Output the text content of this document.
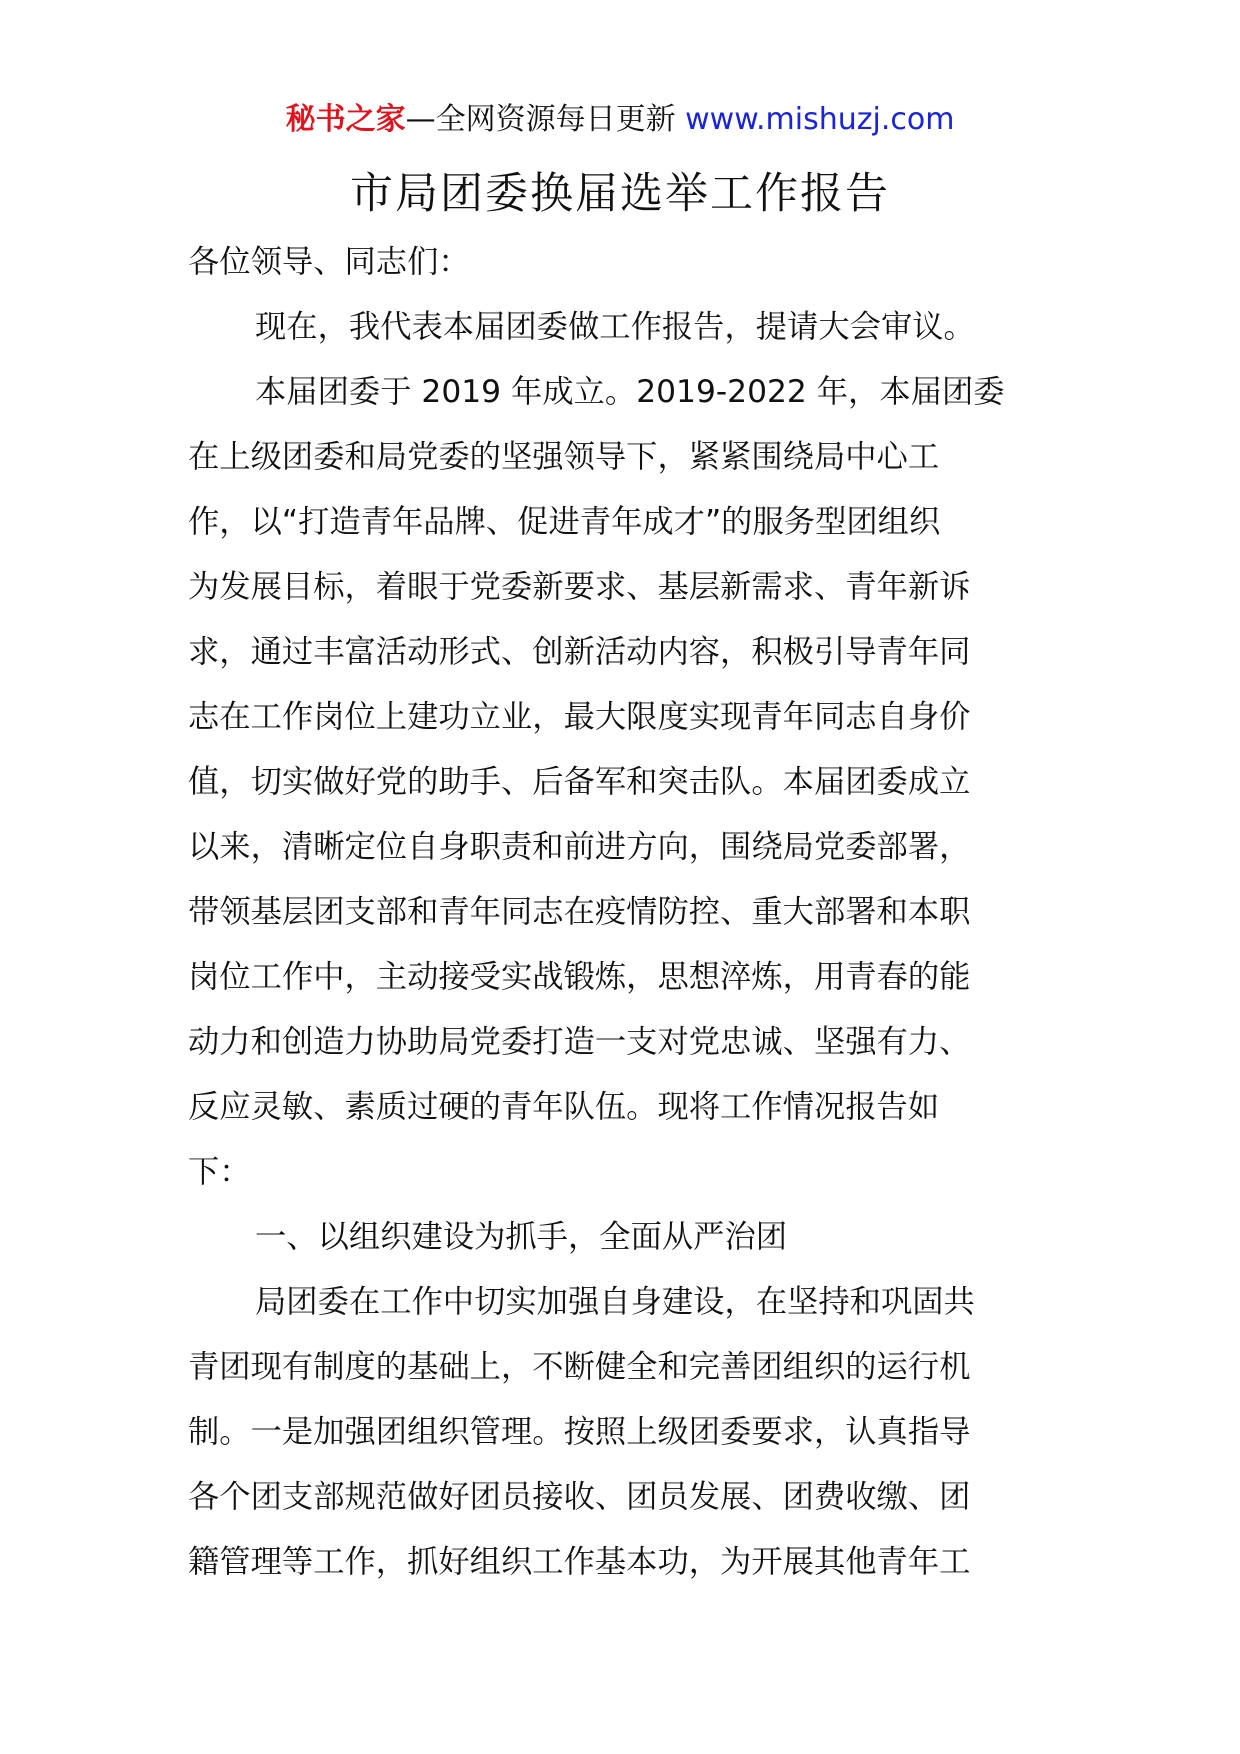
秘书之家—全网资源每日更新 www.mishuzj.com
市局团委换届选举工作报告
各位领导、同志们：
现在，我代表本届团委做工作报告，提请大会审议。
本届团委于 2019 年成立。2019-2022 年，本届团委
在上级团委和局党委的坚强领导下，紧紧围绕局中心工
作，以“打造青年品牌、促进青年成才”的服务型团组织
为发展目标，着眼于党委新要求、基层新需求、青年新诉
求，通过丰富活动形式、创新活动内容，积极引导青年同
志在工作岗位上建功立业，最大限度实现青年同志自身价
值，切实做好党的助手、后备军和突击队。本届团委成立
以来，清晰定位自身职责和前进方向，围绕局党委部署，
带领基层团支部和青年同志在疫情防控、重大部署和本职
岗位工作中，主动接受实战锻炼，思想淬炼，用青春的能
动力和创造力协助局党委打造一支对党忠诚、坚强有力、
反应灵敏、素质过硬的青年队伍。现将工作情况报告如
下：
一、以组织建设为抓手，全面从严治团
局团委在工作中切实加强自身建设，在坚持和巩固共
青团现有制度的基础上，不断健全和完善团组织的运行机
制。一是加强团组织管理。按照上级团委要求，认真指导
各个团支部规范做好团员接收、团员发展、团费收缴、团
籍管理等工作，抓好组织工作基本功，为开展其他青年工
